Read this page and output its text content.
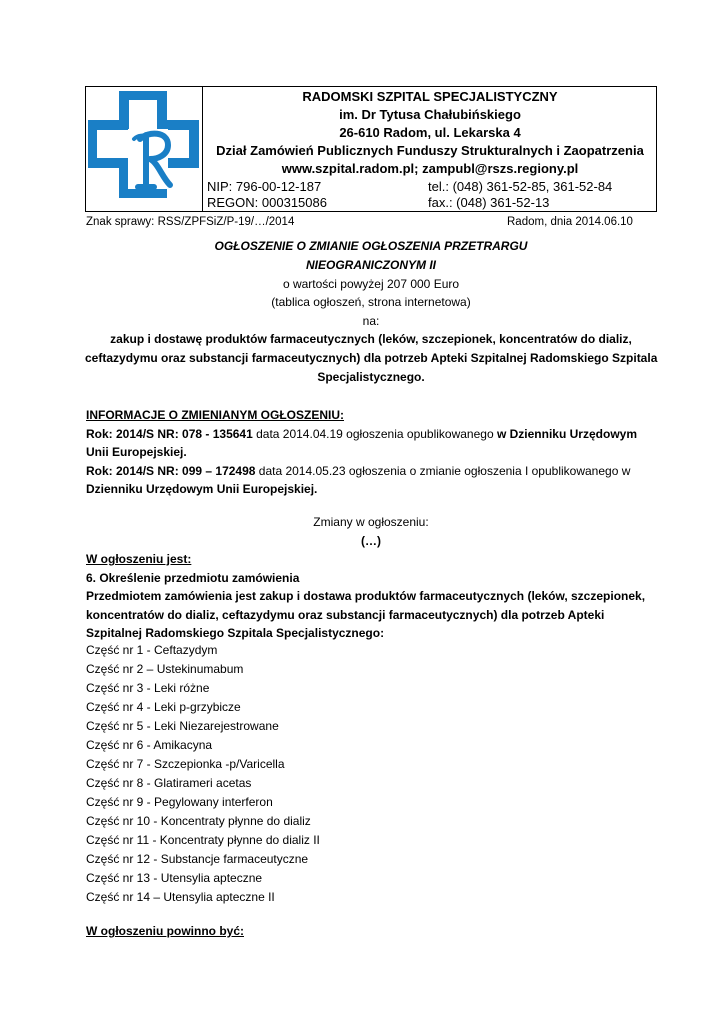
RADOMSKI SZPITAL SPECJALISTYCZNY
im. Dr Tytusa Chałubińskiego
26-610 Radom, ul. Lekarska 4
Dział Zamówień Publicznych Funduszy Strukturalnych i Zaopatrzenia
www.szpital.radom.pl; zampubl@rszs.regiony.pl
NIP: 796-00-12-187	tel.: (048) 361-52-85, 361-52-84
REGON: 000315086	fax.: (048) 361-52-13
Znak sprawy: RSS/ZPFSiZ/P-19/…/2014	Radom, dnia 2014.06.10
OGŁOSZENIE O ZMIANIE OGŁOSZENIA PRZETRARGU
NIEOGRANICZONYM II
o wartości powyżej 207 000 Euro
(tablica ogłoszeń, strona internetowa)
na:
zakup i dostawę produktów farmaceutycznych (leków, szczepionek, koncentratów do dializ,
ceftazydymu oraz substancji farmaceutycznych) dla potrzeb Apteki Szpitalnej Radomskiego Szpitala
Specjalistycznego.
INFORMACJE O ZMIENIANYM OGŁOSZENIU:
Rok: 2014/S NR: 078 - 135641 data 2014.04.19 ogłoszenia opublikowanego w Dzienniku Urzędowym
Unii Europejskiej.
Rok: 2014/S NR: 099 – 172498 data 2014.05.23 ogłoszenia o zmianie ogłoszenia I opublikowanego w
Dzienniku Urzędowym Unii Europejskiej.
Zmiany w ogłoszeniu:
(…)
W ogłoszeniu jest:
6. Określenie przedmiotu zamówienia
Przedmiotem zamówienia jest zakup i dostawa produktów farmaceutycznych (leków, szczepionek,
koncentratów do dializ, ceftazydymu oraz substancji farmaceutycznych) dla potrzeb Apteki
Szpitalnej Radomskiego Szpitala Specjalistycznego:
Część nr 1 - Ceftazydym
Część nr 2 – Ustekinumabum
Część nr 3 - Leki różne
Część nr 4 - Leki p-grzybicze
Część nr 5 - Leki Niezarejestrowane
Część nr 6 - Amikacyna
Część nr 7 - Szczepionka -p/Varicella
Część nr 8 - Glatirameri acetas
Część nr 9 - Pegylowany interferon
Część nr 10 - Koncentraty płynne do dializ
Część nr 11 - Koncentraty płynne do dializ II
Część nr 12 - Substancje farmaceutyczne
Część nr 13 - Utensylia apteczne
Część nr 14 – Utensylia apteczne II
W ogłoszeniu powinno być:
